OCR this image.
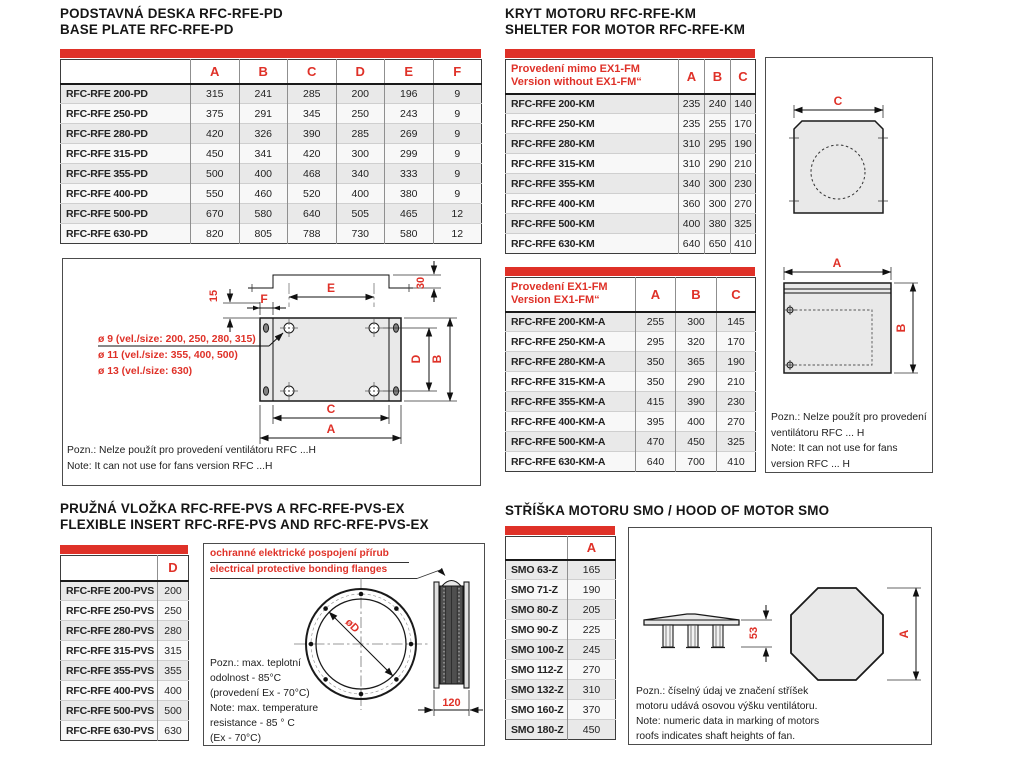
PODSTAVNÁ DESKA RFC-RFE-PD
BASE PLATE RFC-RFE-PD
	A	B	C	D	E	F
RFC-RFE 200-PD	315	241	285	200	196	9
RFC-RFE 250-PD	375	291	345	250	243	9
RFC-RFE 280-PD	420	326	390	285	269	9
RFC-RFE 315-PD	450	341	420	300	299	9
RFC-RFE 355-PD	500	400	468	340	333	9
RFC-RFE 400-PD	550	460	520	400	380	9
RFC-RFE 500-PD	670	580	640	505	465	12
RFC-RFE 630-PD	820	805	788	730	580	12
E
F
15
30
D B
C
A
ø 9 (vel./size: 200, 250, 280, 315)
ø 11 (vel./size: 355, 400, 500)
ø 13 (vel./size: 630)
Pozn.: Nelze použít pro provedení ventilátoru RFC ...H
Note: It can not use for fans version RFC ...H
KRYT MOTORU RFC-RFE-KM
SHELTER FOR MOTOR RFC-RFE-KM
Provedení mimo EX1-FM
Version without EX1-FM“	A	B	C
RFC-RFE 200-KM	235	240	140
RFC-RFE 250-KM	235	255	170
RFC-RFE 280-KM	310	295	190
RFC-RFE 315-KM	310	290	210
RFC-RFE 355-KM	340	300	230
RFC-RFE 400-KM	360	300	270
RFC-RFE 500-KM	400	380	325
RFC-RFE 630-KM	640	650	410
Provedení EX1-FM
Version EX1-FM“	A	B	C
RFC-RFE 200-KM-A	255	300	145
RFC-RFE 250-KM-A	295	320	170
RFC-RFE 280-KM-A	350	365	190
RFC-RFE 315-KM-A	350	290	210
RFC-RFE 355-KM-A	415	390	230
RFC-RFE 400-KM-A	395	400	270
RFC-RFE 500-KM-A	470	450	325
RFC-RFE 630-KM-A	640	700	410
C
A
B
Pozn.: Nelze použít pro provedení
ventilátoru RFC ... H
Note: It can not use for fans
version RFC ... H
PRUŽNÁ VLOŽKA RFC-RFE-PVS A RFC-RFE-PVS-EX
FLEXIBLE INSERT RFC-RFE-PVS AND RFC-RFE-PVS-EX
	D
RFC-RFE 200-PVS	200
RFC-RFE 250-PVS	250
RFC-RFE 280-PVS	280
RFC-RFE 315-PVS	315
RFC-RFE 355-PVS	355
RFC-RFE 400-PVS	400
RFC-RFE 500-PVS	500
RFC-RFE 630-PVS	630
øD
120
ochranné elektrické pospojení přírub
electrical protective bonding flanges
Pozn.: max. teplotní
odolnost - 85°C
(provedení Ex - 70°C)
Note: max. temperature
resistance - 85 ° C
(Ex - 70°C)
STŘÍŠKA MOTORU SMO / HOOD OF MOTOR SMO
	A
SMO 63-Z	165
SMO 71-Z	190
SMO 80-Z	205
SMO 90-Z	225
SMO 100-Z	245
SMO 112-Z	270
SMO 132-Z	310
SMO 160-Z	370
SMO 180-Z	450
53	A
Pozn.: číselný údaj ve značení stříšek
motoru udává osovou výšku ventilátoru.
Note: numeric data in marking of motors
roofs indicates shaft heights of fan.
